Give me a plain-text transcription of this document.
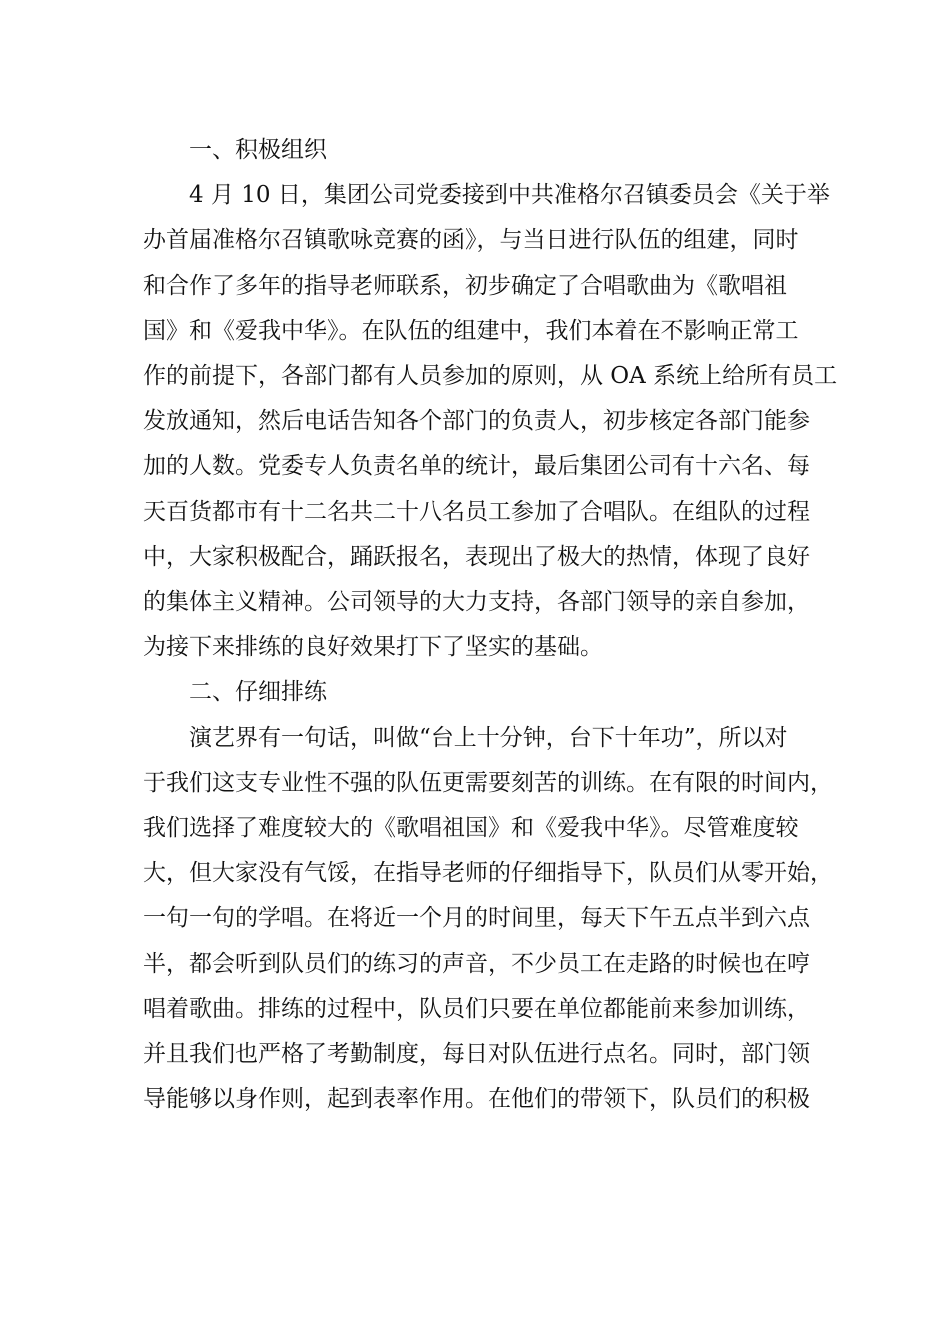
一、积极组织
4 月 10 日，集团公司党委接到中共准格尔召镇委员会《关于举
办首届准格尔召镇歌咏竞赛的函》，与当日进行队伍的组建，同时
和合作了多年的指导老师联系，初步确定了合唱歌曲为《歌唱祖
国》和《爱我中华》。在队伍的组建中，我们本着在不影响正常工
作的前提下，各部门都有人员参加的原则，从 OA 系统上给所有员工
发放通知，然后电话告知各个部门的负责人，初步核定各部门能参
加的人数。党委专人负责名单的统计，最后集团公司有十六名、每
天百货都市有十二名共二十八名员工参加了合唱队。在组队的过程
中，大家积极配合，踊跃报名，表现出了极大的热情，体现了良好
的集体主义精神。公司领导的大力支持，各部门领导的亲自参加，
为接下来排练的良好效果打下了坚实的基础。
二、仔细排练
演艺界有一句话，叫做“台上十分钟，台下十年功”，所以对
于我们这支专业性不强的队伍更需要刻苦的训练。在有限的时间内，
我们选择了难度较大的《歌唱祖国》和《爱我中华》。尽管难度较
大，但大家没有气馁，在指导老师的仔细指导下，队员们从零开始，
一句一句的学唱。在将近一个月的时间里，每天下午五点半到六点
半，都会听到队员们的练习的声音，不少员工在走路的时候也在哼
唱着歌曲。排练的过程中，队员们只要在单位都能前来参加训练，
并且我们也严格了考勤制度，每日对队伍进行点名。同时，部门领
导能够以身作则，起到表率作用。在他们的带领下，队员们的积极
